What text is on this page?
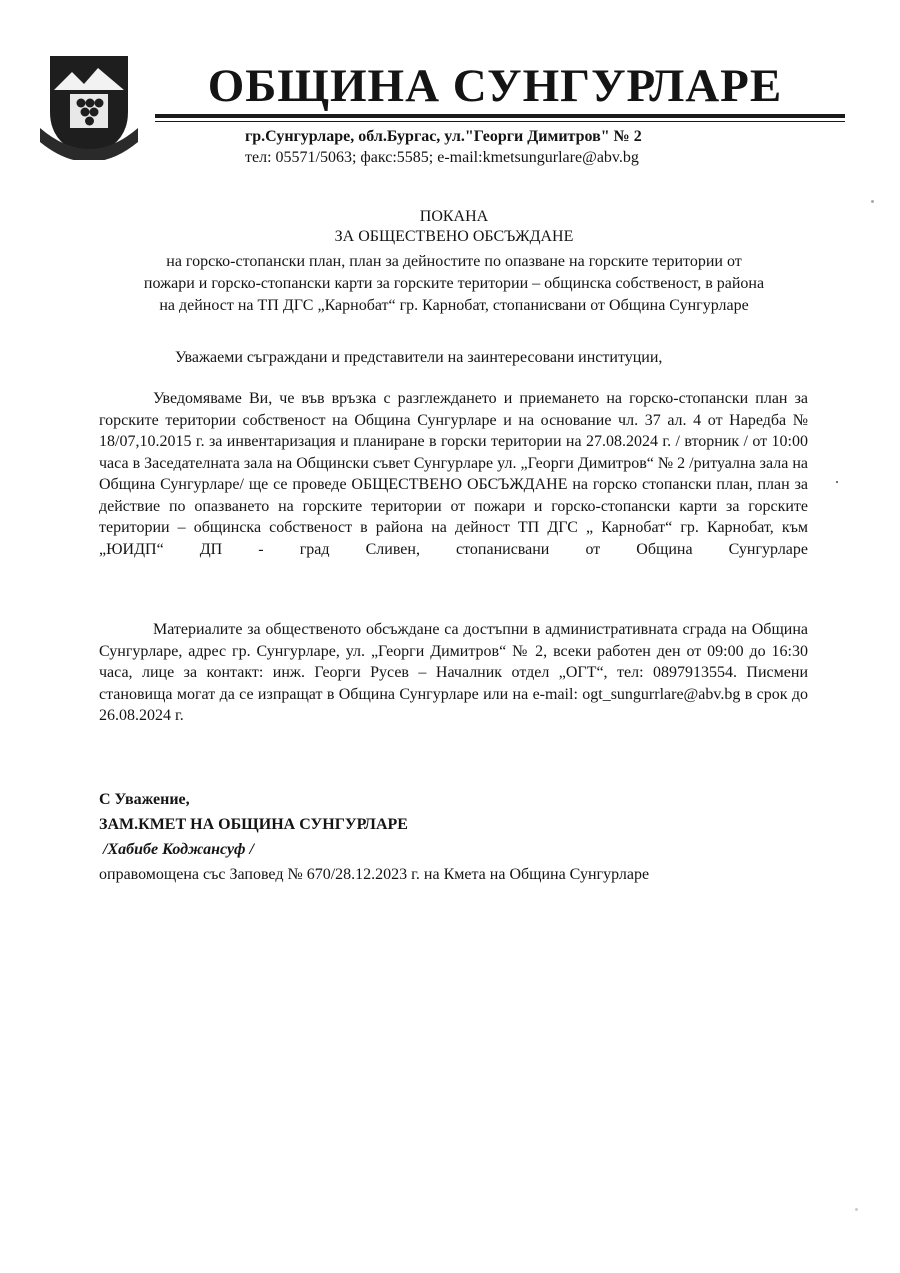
ОБЩИНА СУНГУРЛАРЕ
гр.Сунгурларе, обл.Бургас, ул."Георги Димитров" № 2
тел: 05571/5063; факс:5585; e-mail:kmetsungurlare@abv.bg
ПОКАНА
ЗА ОБЩЕСТВЕНО ОБСЪЖДАНЕ
на горско-стопански план, план за дейностите по опазване на горските територии от
пожари и горско-стопански карти за горските територии – общинска собственост, в района
на дейност на ТП ДГС „Карнобат“ гр. Карнобат, стопанисвани от Община Сунгурларе
Уважаеми съграждани и представители на заинтересовани институции,

Уведомяваме Ви, че във връзка с разглеждането и приемането на горско-стопански план за горските територии собственост на Община Сунгурларе и на основание чл. 37 ал. 4 от Наредба № 18/07,10.2015 г. за инвентаризация и планиране в горски територии на 27.08.2024 г. / вторник / от 10:00 часа в Заседателната зала на Общински съвет Сунгурларе ул. „Георги Димитров“ № 2 /ритуална зала на Община Сунгурларе/ ще се проведе ОБЩЕСТВЕНО ОБСЪЖДАНЕ на горско стопански план, план за действие по опазването на горските територии от пожари и горско-стопански карти за горските територии – общинска собственост в района на дейност ТП ДГС „ Карнобат“ гр. Карнобат, към „ЮИДП“ ДП - град Сливен, стопанисвани от Община Сунгурларе

Материалите за общественото обсъждане са достъпни в административната сграда на Община Сунгурларе, адрес гр. Сунгурларе, ул. „Георги Димитров“ № 2, всеки работен ден от 09:00 до 16:30 часа, лице за контакт: инж. Георги Русев – Началник отдел „ОГТ“, тел: 0897913554. Писмени становища могат да се изпращат в Община Сунгурларе или на e-mail: ogt_sungurrlare@abv.bg в срок до 26.08.2024 г.

С Уважение,
ЗАМ.КМЕТ НА ОБЩИНА СУНГУРЛАРЕ
/Хабибе Коджансуф /
оправомощена със Заповед № 670/28.12.2023 г. на Кмета на Община Сунгурларе
